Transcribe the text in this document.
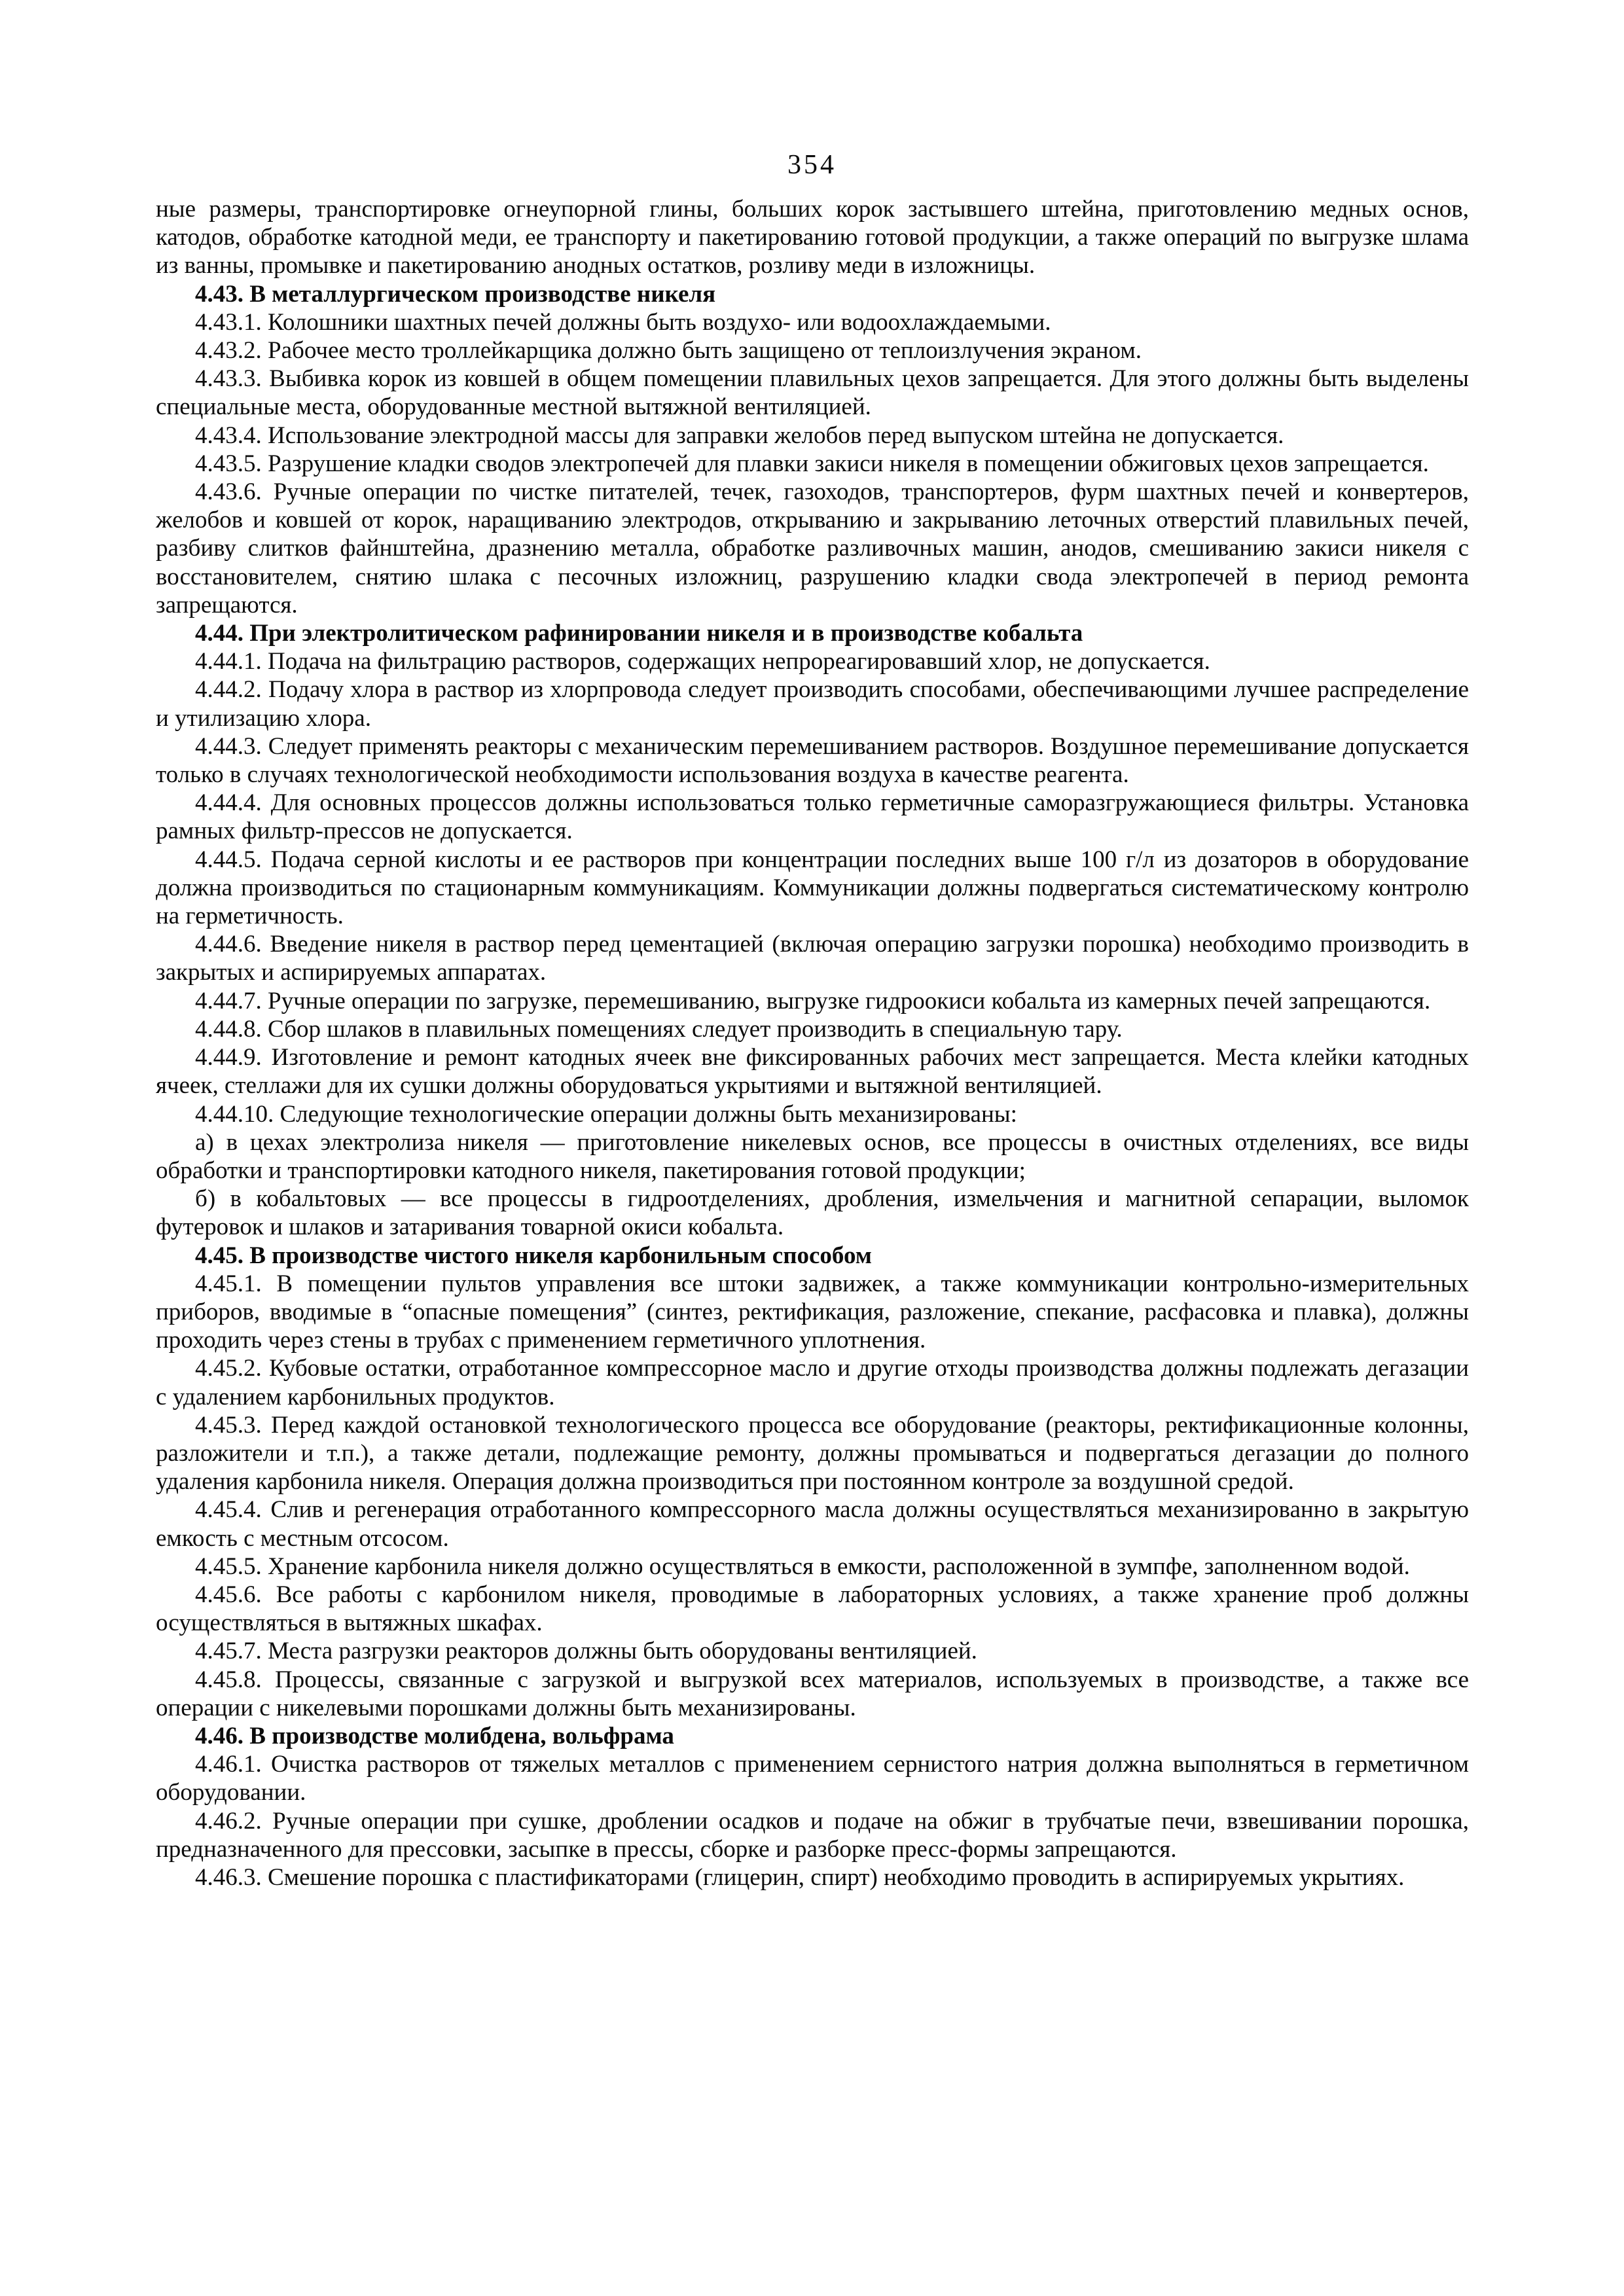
354

ные размеры, транспортировке огнеупорной глины, больших корок застывшего штейна, приготовлению медных основ, катодов, обработке катодной меди, ее транспорту и пакетированию готовой продукции, а также операций по выгрузке шлама из ванны, промывке и пакетированию анодных остатков, розливу меди в изложницы.

4.43. В металлургическом производстве никеля

4.43.1. Колошники шахтных печей должны быть воздухо- или водоохлаждаемыми.

4.43.2. Рабочее место троллейкарщика должно быть защищено от теплоизлучения экраном.

4.43.3. Выбивка корок из ковшей в общем помещении плавильных цехов запрещается. Для этого должны быть выделены специальные места, оборудованные местной вытяжной вентиляцией.

4.43.4. Использование электродной массы для заправки желобов перед выпуском штейна не допускается.

4.43.5. Разрушение кладки сводов электропечей для плавки закиси никеля в помещении обжиговых цехов запрещается.

4.43.6. Ручные операции по чистке питателей, течек, газоходов, транспортеров, фурм шахтных печей и конвертеров, желобов и ковшей от корок, наращиванию электродов, открыванию и закрыванию леточных отверстий плавильных печей, разбиву слитков файнштейна, дразнению металла, обработке разливочных машин, анодов, смешиванию закиси никеля с восстановителем, снятию шлака с песочных изложниц, разрушению кладки свода электропечей в период ремонта запрещаются.

4.44. При электролитическом рафинировании никеля и в производстве кобальта

4.44.1. Подача на фильтрацию растворов, содержащих непрореагировавший хлор, не допускается.

4.44.2. Подачу хлора в раствор из хлорпровода следует производить способами, обеспечивающими лучшее распределение и утилизацию хлора.

4.44.3. Следует применять реакторы с механическим перемешиванием растворов. Воздушное перемешивание допускается только в случаях технологической необходимости использования воздуха в качестве реагента.

4.44.4. Для основных процессов должны использоваться только герметичные саморазгружающиеся фильтры. Установка рамных фильтр-прессов не допускается.

4.44.5. Подача серной кислоты и ее растворов при концентрации последних выше 100 г/л из дозаторов в оборудование должна производиться по стационарным коммуникациям. Коммуникации должны подвергаться систематическому контролю на герметичность.

4.44.6. Введение никеля в раствор перед цементацией (включая операцию загрузки порошка) необходимо производить в закрытых и аспирируемых аппаратах.

4.44.7. Ручные операции по загрузке, перемешиванию, выгрузке гидроокиси кобальта из камерных печей запрещаются.

4.44.8. Сбор шлаков в плавильных помещениях следует производить в специальную тару.

4.44.9. Изготовление и ремонт катодных ячеек вне фиксированных рабочих мест запрещается. Места клейки катодных ячеек, стеллажи для их сушки должны оборудоваться укрытиями и вытяжной вентиляцией.

4.44.10. Следующие технологические операции должны быть механизированы:

а) в цехах электролиза никеля — приготовление никелевых основ, все процессы в очистных отделениях, все виды обработки и транспортировки катодного никеля, пакетирования готовой продукции;

б) в кобальтовых — все процессы в гидроотделениях, дробления, измельчения и магнитной сепарации, выломок футеровок и шлаков и затаривания товарной окиси кобальта.

4.45. В производстве чистого никеля карбонильным способом

4.45.1. В помещении пультов управления все штоки задвижек, а также коммуникации контрольно-измерительных приборов, вводимые в “опасные помещения” (синтез, ректификация, разложение, спекание, расфасовка и плавка), должны проходить через стены в трубах с применением герметичного уплотнения.

4.45.2. Кубовые остатки, отработанное компрессорное масло и другие отходы производства должны подлежать дегазации с удалением карбонильных продуктов.

4.45.3. Перед каждой остановкой технологического процесса все оборудование (реакторы, ректификационные колонны, разложители и т.п.), а также детали, подлежащие ремонту, должны промываться и подвергаться дегазации до полного удаления карбонила никеля. Операция должна производиться при постоянном контроле за воздушной средой.

4.45.4. Слив и регенерация отработанного компрессорного масла должны осуществляться механизированно в закрытую емкость с местным отсосом.

4.45.5. Хранение карбонила никеля должно осуществляться в емкости, расположенной в зумпфе, заполненном водой.

4.45.6. Все работы с карбонилом никеля, проводимые в лабораторных условиях, а также хранение проб должны осуществляться в вытяжных шкафах.

4.45.7. Места разгрузки реакторов должны быть оборудованы вентиляцией.

4.45.8. Процессы, связанные с загрузкой и выгрузкой всех материалов, используемых в производстве, а также все операции с никелевыми порошками должны быть механизированы.

4.46. В производстве молибдена, вольфрама

4.46.1. Очистка растворов от тяжелых металлов с применением сернистого натрия должна выполняться в герметичном оборудовании.

4.46.2. Ручные операции при сушке, дроблении осадков и подаче на обжиг в трубчатые печи, взвешивании порошка, предназначенного для прессовки, засыпке в прессы, сборке и разборке пресс-формы запрещаются.

4.46.3. Смешение порошка с пластификаторами (глицерин, спирт) необходимо проводить в аспирируемых укрытиях.
